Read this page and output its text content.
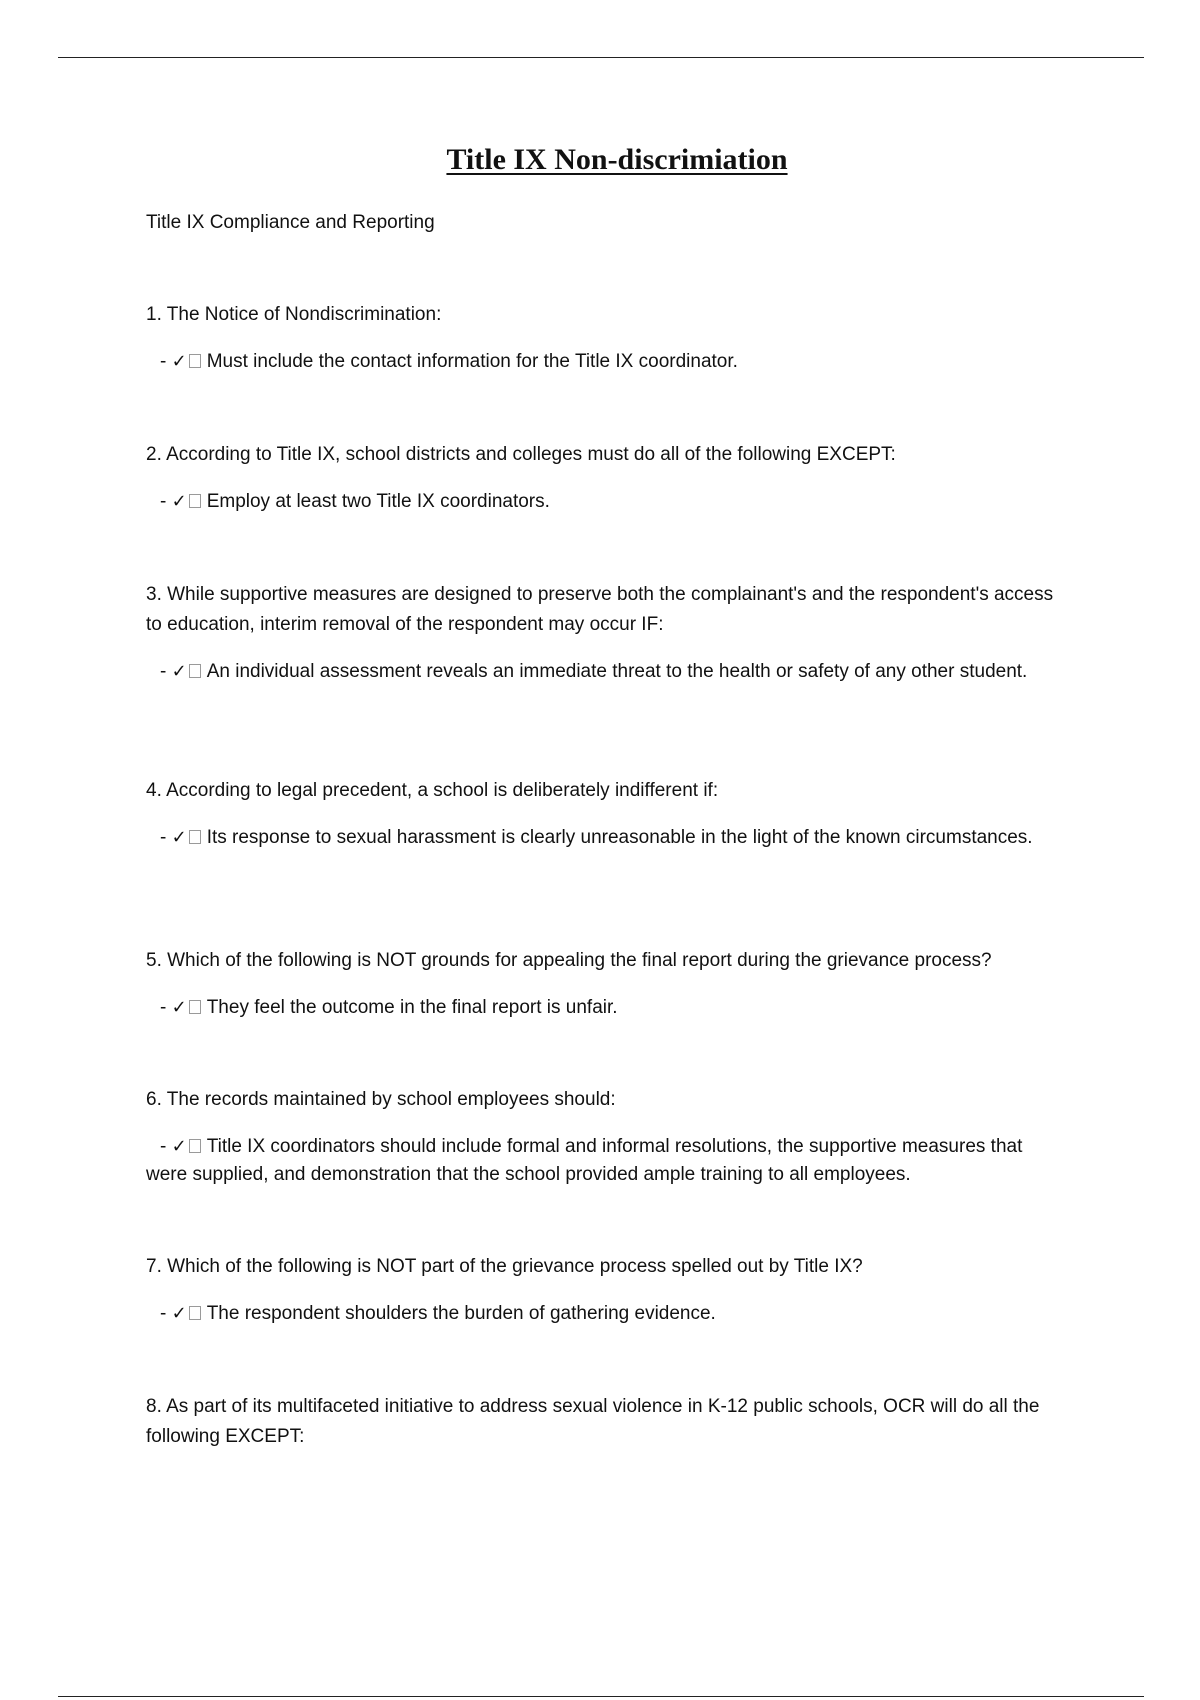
Title IX Non-discrimiation

Title IX Compliance and Reporting

1. The Notice of Nondiscrimination:

- ✓ Must include the contact information for the Title IX coordinator.

2. According to Title IX, school districts and colleges must do all of the following EXCEPT:

- ✓ Employ at least two Title IX coordinators.

3. While supportive measures are designed to preserve both the complainant's and the respondent's access to education, interim removal of the respondent may occur IF:

- ✓ An individual assessment reveals an immediate threat to the health or safety of any other student.

4. According to legal precedent, a school is deliberately indifferent if:

- ✓ Its response to sexual harassment is clearly unreasonable in the light of the known circumstances.

5. Which of the following is NOT grounds for appealing the final report during the grievance process?

- ✓ They feel the outcome in the final report is unfair.

6. The records maintained by school employees should:

- ✓ Title IX coordinators should include formal and informal resolutions, the supportive measures that were supplied, and demonstration that the school provided ample training to all employees.

7. Which of the following is NOT part of the grievance process spelled out by Title IX?

- ✓ The respondent shoulders the burden of gathering evidence.

8. As part of its multifaceted initiative to address sexual violence in K-12 public schools, OCR will do all the following EXCEPT:
